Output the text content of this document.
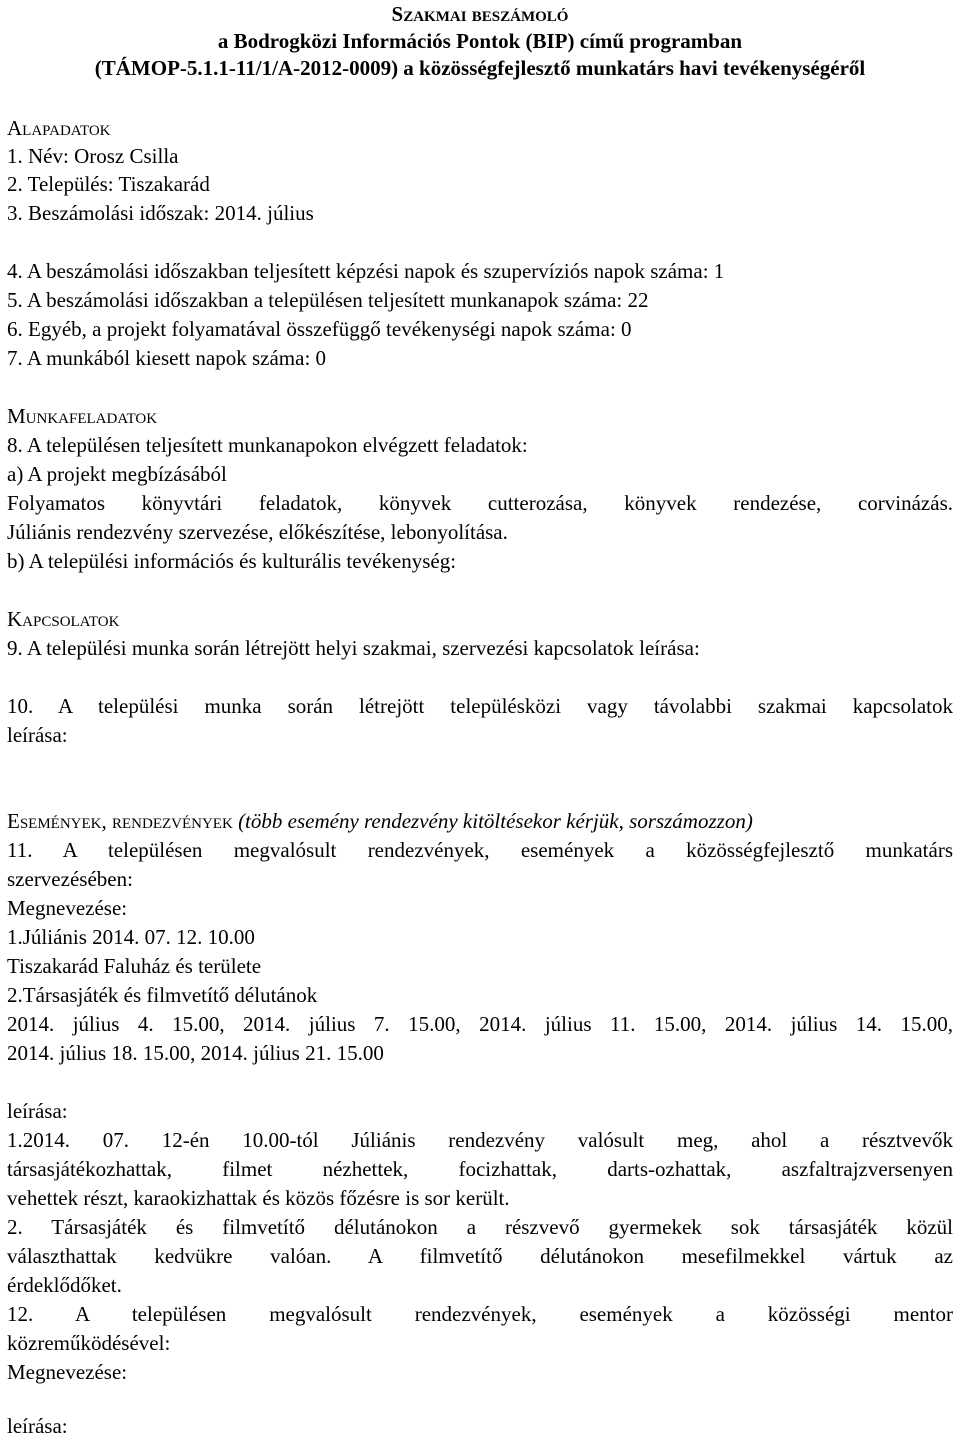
Szakmai beszámoló
a Bodrogközi Információs Pontok (BIP) című programban
(TÁMOP-5.1.1-11/1/A-2012-0009) a közösségfejlesztő munkatárs havi tevékenységéről
Alapadatok
1. Név: Orosz Csilla
2. Település: Tiszakarád
3. Beszámolási időszak: 2014. július
4. A beszámolási időszakban teljesített képzési napok és szupervíziós napok száma: 1
5. A beszámolási időszakban a településen teljesített munkanapok száma: 22
6. Egyéb, a projekt folyamatával összefüggő tevékenységi napok száma: 0
7. A munkából kiesett napok száma: 0
Munkafeladatok
8. A településen teljesített munkanapokon elvégzett feladatok:
a) A projekt megbízásából
Folyamatos könyvtári feladatok, könyvek cutterozása, könyvek rendezése, corvinázás.
Júliánis rendezvény szervezése, előkészítése, lebonyolítása.
b) A települési információs és kulturális tevékenység:
Kapcsolatok
9. A települési munka során létrejött helyi szakmai, szervezési kapcsolatok leírása:
10. A települési munka során létrejött településközi vagy távolabbi szakmai kapcsolatok
leírása:
Események, rendezvények (több esemény rendezvény kitöltésekor kérjük, sorszámozzon)
11. A településen megvalósult rendezvények, események a közösségfejlesztő munkatárs
szervezésében:
Megnevezése:
1.Júliánis 2014. 07. 12. 10.00
Tiszakarád Faluház és területe
2.Társasjáték és filmvetítő délutánok
2014. július 4. 15.00, 2014. július 7. 15.00, 2014. július 11. 15.00, 2014. július 14. 15.00,
2014. július 18. 15.00, 2014. július 21. 15.00
leírása:
1.2014. 07. 12-én 10.00-tól Júliánis rendezvény valósult meg, ahol a résztvevők
társasjátékozhattak, filmet nézhettek, focizhattak, darts-ozhattak, aszfaltrajzversenyen
vehettek részt, karaokizhattak és közös főzésre is sor került.
2. Társasjáték és filmvetítő délutánokon a részvevő gyermekek sok társasjáték közül
választhattak kedvükre valóan. A filmvetítő délutánokon mesefilmekkel vártuk az
érdeklődőket.
12. A településen megvalósult rendezvények, események a közösségi mentor
közreműködésével:
Megnevezése:
leírása:
